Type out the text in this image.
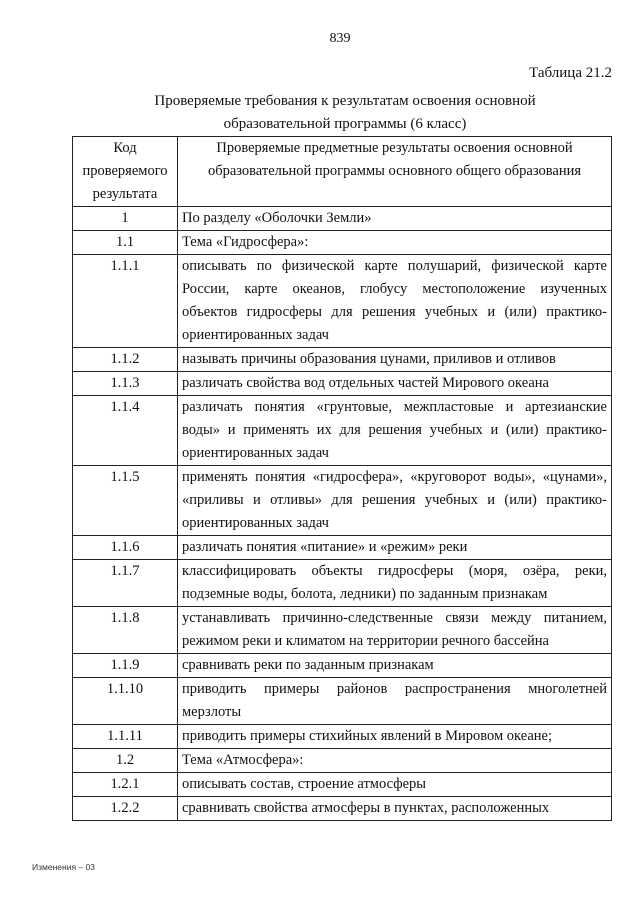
839
Таблица 21.2
Проверяемые требования к результатам освоения основной
образовательной программы (6 класс)
Код проверяемого результата	Проверяемые предметные результаты освоения основной образовательной программы основного общего образования
1	По разделу «Оболочки Земли»
1.1	Тема «Гидросфера»:
1.1.1	описывать по физической карте полушарий, физической карте России, карте океанов, глобусу местоположение изученных объектов гидросферы для решения учебных и (или) практико-ориентированных задач
1.1.2	называть причины образования цунами, приливов и отливов
1.1.3	различать свойства вод отдельных частей Мирового океана
1.1.4	различать понятия «грунтовые, межпластовые и артезианские воды» и применять их для решения учебных и (или) практико-ориентированных задач
1.1.5	применять понятия «гидросфера», «круговорот воды», «цунами», «приливы и отливы» для решения учебных и (или) практико-ориентированных задач
1.1.6	различать понятия «питание» и «режим» реки
1.1.7	классифицировать объекты гидросферы (моря, озёра, реки, подземные воды, болота, ледники) по заданным признакам
1.1.8	устанавливать причинно-следственные связи между питанием, режимом реки и климатом на территории речного бассейна
1.1.9	сравнивать реки по заданным признакам
1.1.10	приводить примеры районов распространения многолетней мерзлоты
1.1.11	приводить примеры стихийных явлений в Мировом океане;
1.2	Тема «Атмосфера»:
1.2.1	описывать состав, строение атмосферы
1.2.2	сравнивать свойства атмосферы в пунктах, расположенных
Изменения – 03
